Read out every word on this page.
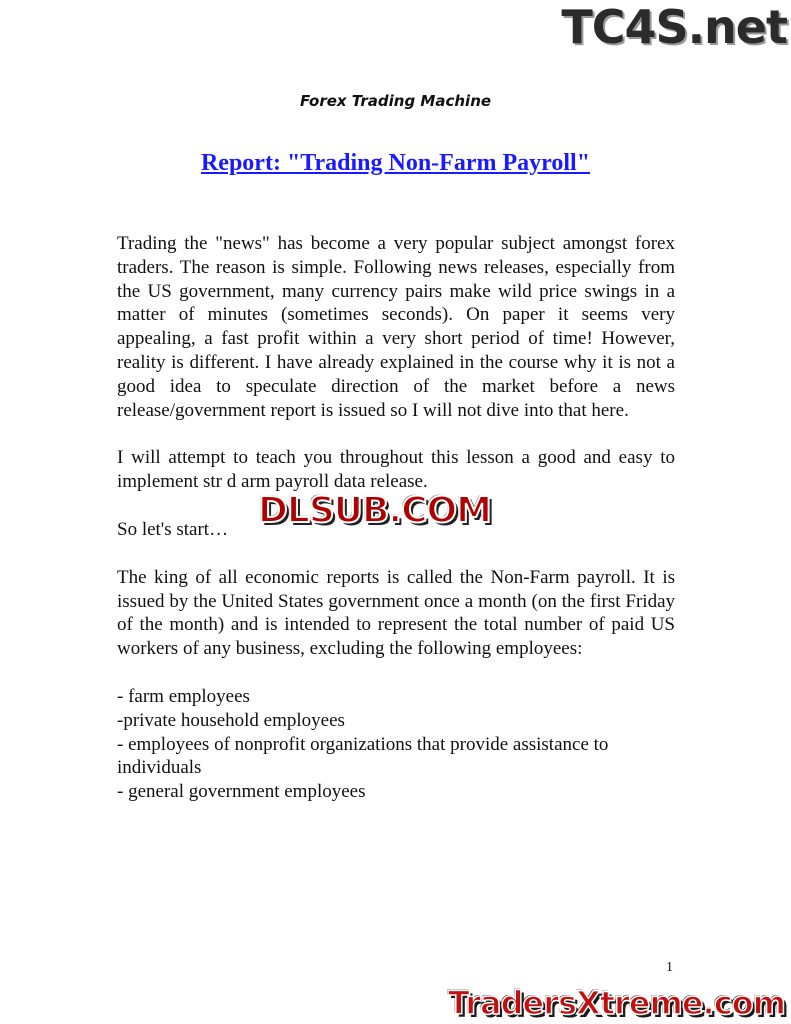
TC4S.net
Forex Trading Machine
Report: "Trading Non-Farm Payroll"

Trading the "news" has become a very popular subject amongst forex traders. The reason is simple. Following news releases, especially from the US government, many currency pairs make wild price swings in a matter of minutes (sometimes seconds). On paper it seems very appealing, a fast profit within a very short period of time! However, reality is different. I have already explained in the course why it is not a good idea to speculate direction of the market before a news release/government report is issued so I will not dive into that here.

I will attempt to teach you throughout this lesson a good and easy to implement str d arm payroll data release.

So let's start…

The king of all economic reports is called the Non-Farm payroll. It is issued by the United States government once a month (on the first Friday of the month) and is intended to represent the total number of paid US workers of any business, excluding the following employees:

- farm employees

-private household employees

- employees of nonprofit organizations that provide assistance to individuals

- general government employees

DLSUB.COM
1
TradersXtreme.com
